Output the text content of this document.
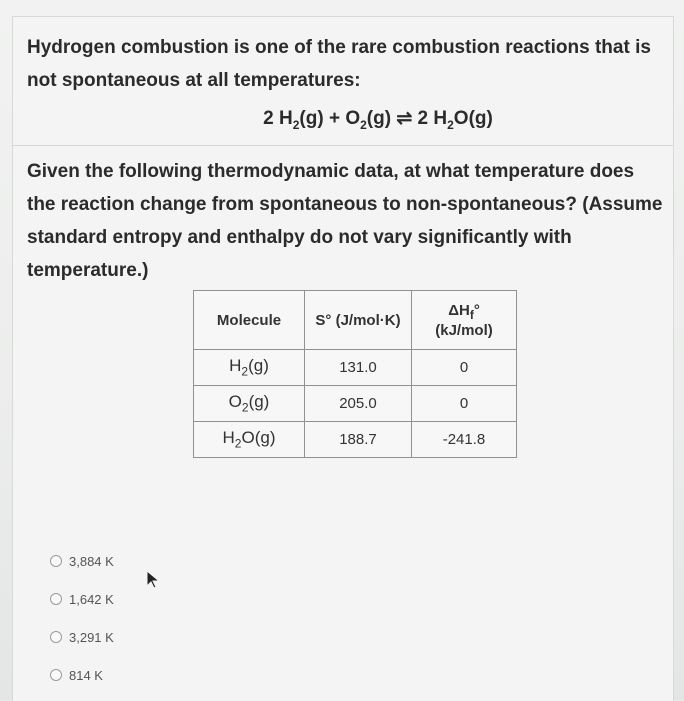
Hydrogen combustion is one of the rare combustion reactions that is not spontaneous at all temperatures:
2 $H_2(g) + O_2(g)$ ⇌ 2 $H_2O(g)$
Given the following thermodynamic data, at what temperature does the reaction change from spontaneous to non-spontaneous? (Assume standard entropy and enthalpy do not vary significantly with temperature.)
Molecule	S° (J/mol·K)	$\Delta H_f^\circ$
(kJ/mol)
$H_2(g)$	131.0	0
$O_2(g)$	205.0	0
$H_2O(g)$	188.7	-241.8
3,884 K
1,642 K
3,291 K
814 K
